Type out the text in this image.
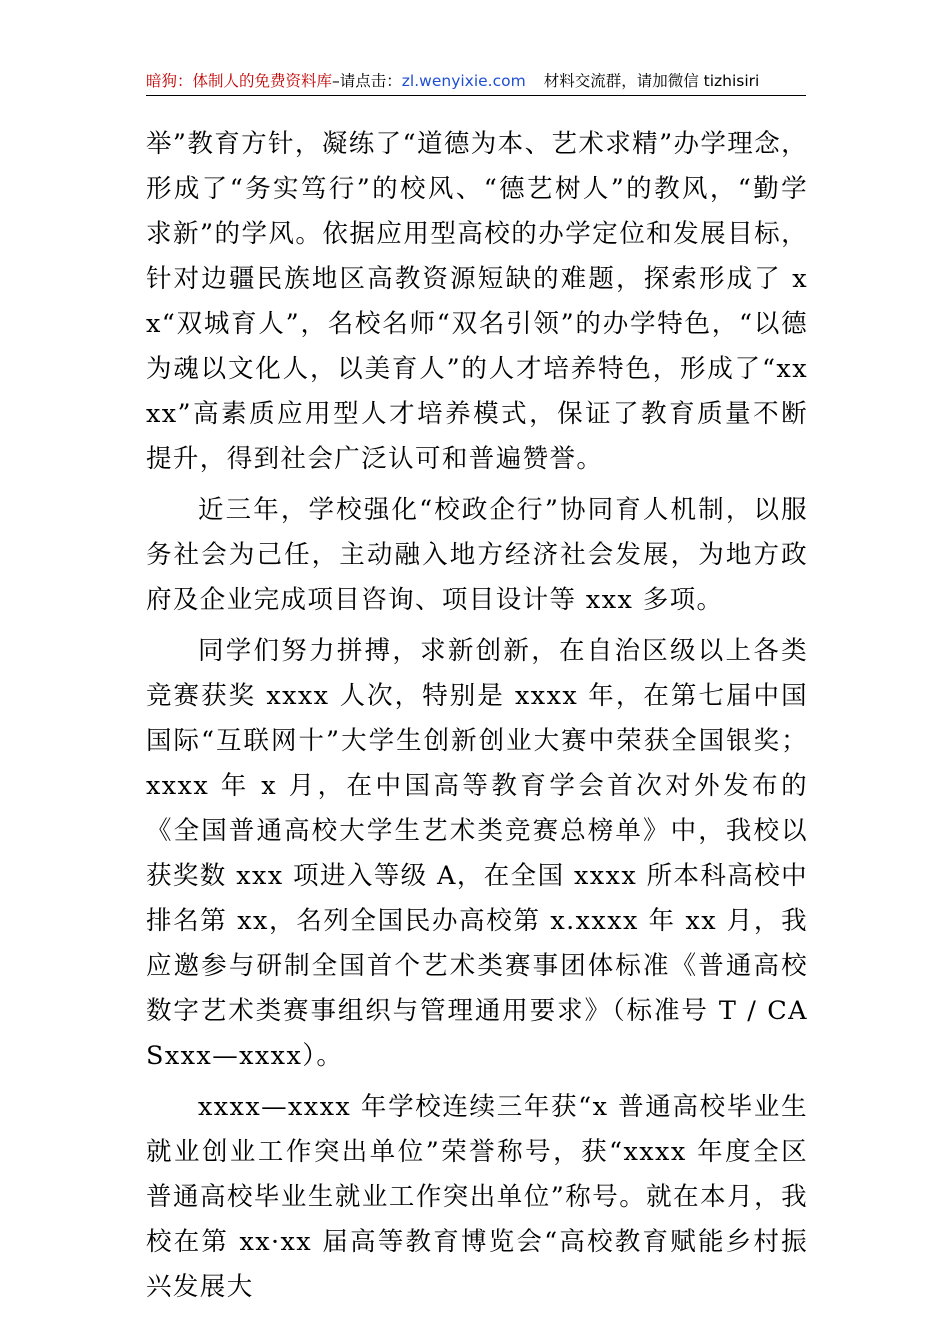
暗狗：体制人的免费资料库–请点击：zl.wenyixie.com 材料交流群，请加微信 tizhisiri

举”教育方针，凝练了“道德为本、艺术求精”办学理念，形成了“务实笃行”的校风、“德艺树人”的教风，“勤学求新”的学风。依据应用型高校的办学定位和发展目标，针对边疆民族地区高教资源短缺的难题，探索形成了 xx“双城育人”，名校名师“双名引领”的办学特色，“以德为魂以文化人，以美育人”的人才培养特色，形成了“xxxx”高素质应用型人才培养模式，保证了教育质量不断提升，得到社会广泛认可和普遍赞誉。

近三年，学校强化“校政企行”协同育人机制，以服务社会为己任，主动融入地方经济社会发展，为地方政府及企业完成项目咨询、项目设计等 xxx 多项。

同学们努力拼搏，求新创新，在自治区级以上各类竞赛获奖 xxxx 人次，特别是 xxxx 年，在第七届中国国际“互联网十”大学生创新创业大赛中荣获全国银奖；xxxx 年 x 月，在中国高等教育学会首次对外发布的《全国普通高校大学生艺术类竞赛总榜单》中，我校以获奖数 xxx 项进入等级 A，在全国 xxxx 所本科高校中排名第 xx，名列全国民办高校第 x.xxxx 年 xx 月，我应邀参与研制全国首个艺术类赛事团体标准《普通高校数字艺术类赛事组织与管理通用要求》（标准号 T / CASxxx—xxxx）。

xxxx—xxxx 年学校连续三年获“x 普通高校毕业生就业创业工作突出单位”荣誉称号，获“xxxx 年度全区普通高校毕业生就业工作突出单位”称号。就在本月，我校在第 xx·xx 届高等教育博览会“高校教育赋能乡村振兴发展大
